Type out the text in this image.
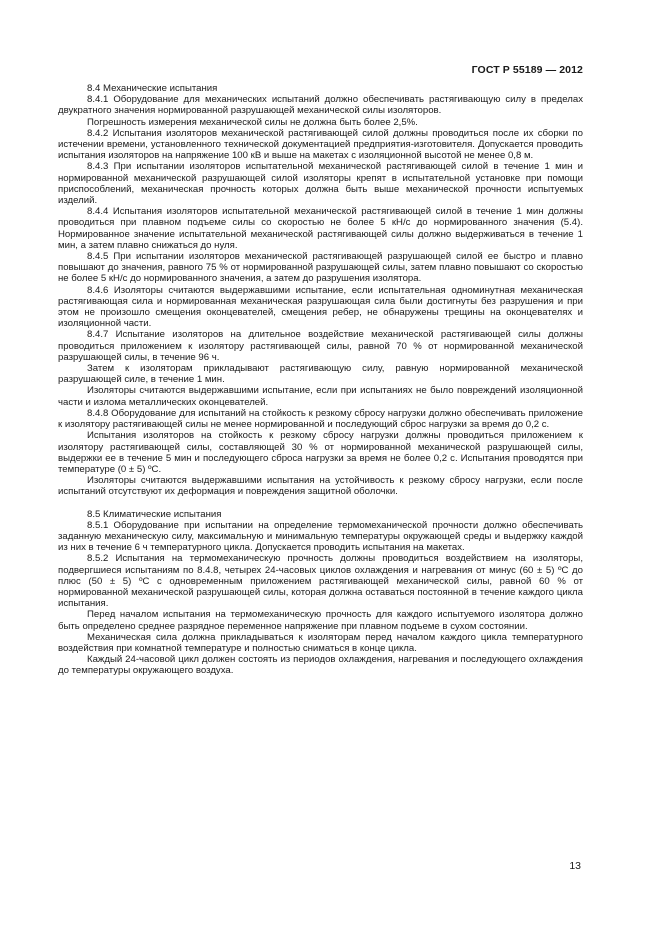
ГОСТ Р 55189 — 2012

8.4 Механические испытания

8.4.1 Оборудование для механических испытаний должно обеспечивать растягивающую силу в пределах двукратного значения нормированной разрушающей механической силы изоляторов.

Погрешность измерения механической силы не должна быть более 2,5%.

8.4.2 Испытания изоляторов механической растягивающей силой должны проводиться после их сборки по истечении времени, установленного технической документацией предприятия-изготовителя. Допускается проводить испытания изоляторов на напряжение 100 кВ и выше на макетах с изоляционной высотой не менее 0,8 м.

8.4.3 При испытании изоляторов испытательной механической растягивающей силой в течение 1 мин и нормированной механической разрушающей силой изоляторы крепят в испытательной установке при помощи приспособлений, механическая прочность которых должна быть выше механической прочности испытуемых изделий.

8.4.4 Испытания изоляторов испытательной механической растягивающей силой в течение 1 мин должны проводиться при плавном подъеме силы со скоростью не более 5 кН/с до нормированного значения (5.4). Нормированное значение испытательной механической растягивающей силы должно выдерживаться в течение 1 мин, а затем плавно снижаться до нуля.

8.4.5 При испытании изоляторов механической растягивающей разрушающей силой ее быстро и плавно повышают до значения, равного 75 % от нормированной разрушающей силы, затем плавно повышают со скоростью не более 5 кН/с до нормированного значения, а затем до разрушения изолятора.

8.4.6 Изоляторы считаются выдержавшими испытание, если испытательная одноминутная механическая растягивающая сила и нормированная механическая разрушающая сила были достигнуты без разрушения и при этом не произошло смещения оконцевателей, смещения ребер, не обнаружены трещины на оконцевателях и изоляционной части.

8.4.7 Испытание изоляторов на длительное воздействие механической растягивающей силы должны проводиться приложением к изолятору растягивающей силы, равной 70 % от нормированной механической разрушающей силы, в течение 96 ч.

Затем к изоляторам прикладывают растягивающую силу, равную нормированной механической разрушающей силе, в течение 1 мин.

Изоляторы считаются выдержавшими испытание, если при испытаниях не было повреждений изоляционной части и излома металлических оконцевателей.

8.4.8 Оборудование для испытаний на стойкость к резкому сбросу нагрузки должно обеспечивать приложение к изолятору растягивающей силы не менее нормированной и последующий сброс нагрузки за время до 0,2 с.

Испытания изоляторов на стойкость к резкому сбросу нагрузки должны проводиться приложением к изолятору растягивающей силы, составляющей 30 % от нормированной механической разрушающей силы, выдержки ее в течение 5 мин и последующего сброса нагрузки за время не более 0,2 с. Испытания проводятся при температуре (0 ± 5) ºС.

Изоляторы считаются выдержавшими испытания на устойчивость к резкому сбросу нагрузки, если после испытаний отсутствуют их деформация и повреждения защитной оболочки.

8.5 Климатические испытания

8.5.1 Оборудование при испытании на определение термомеханической прочности должно обеспечивать заданную механическую силу, максимальную и минимальную температуры окружающей среды и выдержку каждой из них в течение 6 ч температурного цикла. Допускается проводить испытания на макетах.

8.5.2 Испытания на термомеханическую прочность должны проводиться воздействием на изоляторы, подвергшиеся испытаниям по 8.4.8, четырех 24-часовых циклов охлаждения и нагревания от минус (60 ± 5) ºС до плюс (50 ± 5) ºС с одновременным приложением растягивающей механической силы, равной 60 % от нормированной механической разрушающей силы, которая должна оставаться постоянной в течение каждого цикла испытания.

Перед началом испытания на термомеханическую прочность для каждого испытуемого изолятора должно быть определено среднее разрядное переменное напряжение при плавном подъеме в сухом состоянии.

Механическая сила должна прикладываться к изоляторам перед началом каждого цикла температурного воздействия при комнатной температуре и полностью сниматься в конце цикла.

Каждый 24-часовой цикл должен состоять из периодов охлаждения, нагревания и последующего охлаждения до температуры окружающего воздуха.

13
